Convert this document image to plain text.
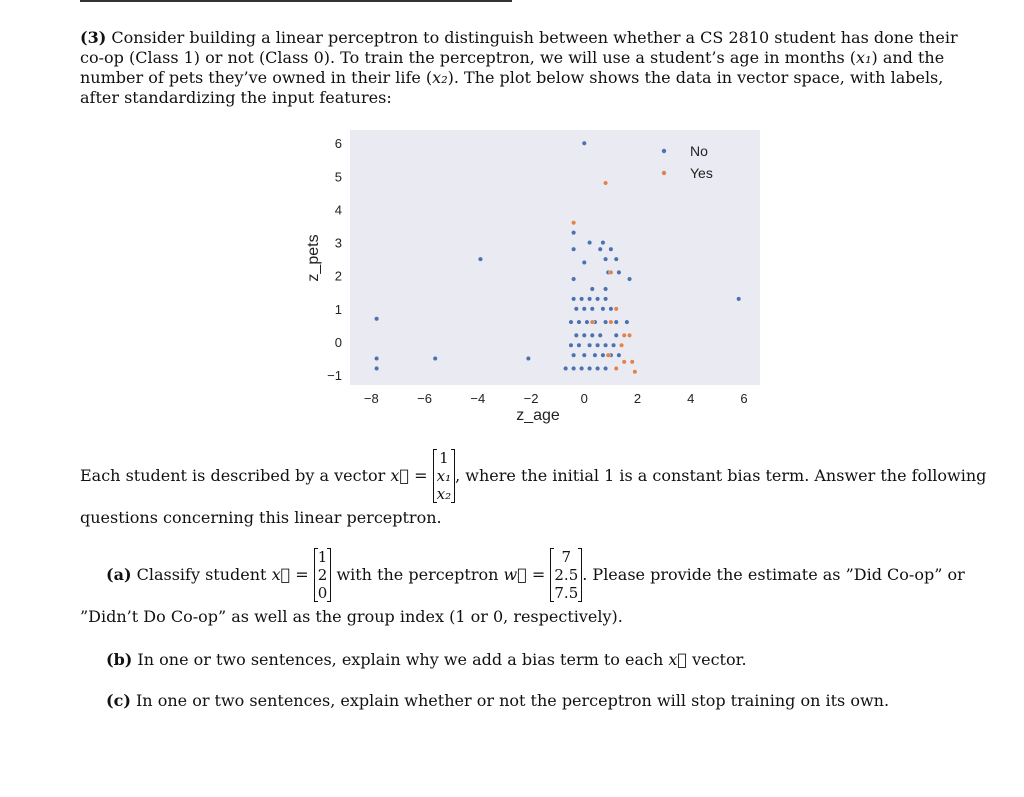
(3) Consider building a linear perceptron to distinguish between whether a CS 2810 student has done their co-op (Class 1) or not (Class 0). To train the perceptron, we will use a student’s age in months (x₁) and the number of pets they’ve owned in their life (x₂). The plot below shows the data in vector space, with labels, after standardizing the input features:
−8	−6	−4	−2	0	2	4	6
−1
0
1
2
3
4
5
6
z_age
z_pets
No
Yes
Each student is described by a vector
x⃗ =

1
x₁
x₂
, where the initial 1 is a constant bias term. Answer the following
questions concerning this linear perceptron.
(a)
Classify student
x⃗ =

1
2
0

with the perceptron
w⃗ =

7
2.5
7.5
. Please provide the estimate as ”Did Co-op” or
”Didn’t Do Co-op” as well as the group index (1 or 0, respectively).
(b) In one or two sentences, explain why we add a bias term to each x⃗ vector.
(c) In one or two sentences, explain whether or not the perceptron will stop training on its own.
